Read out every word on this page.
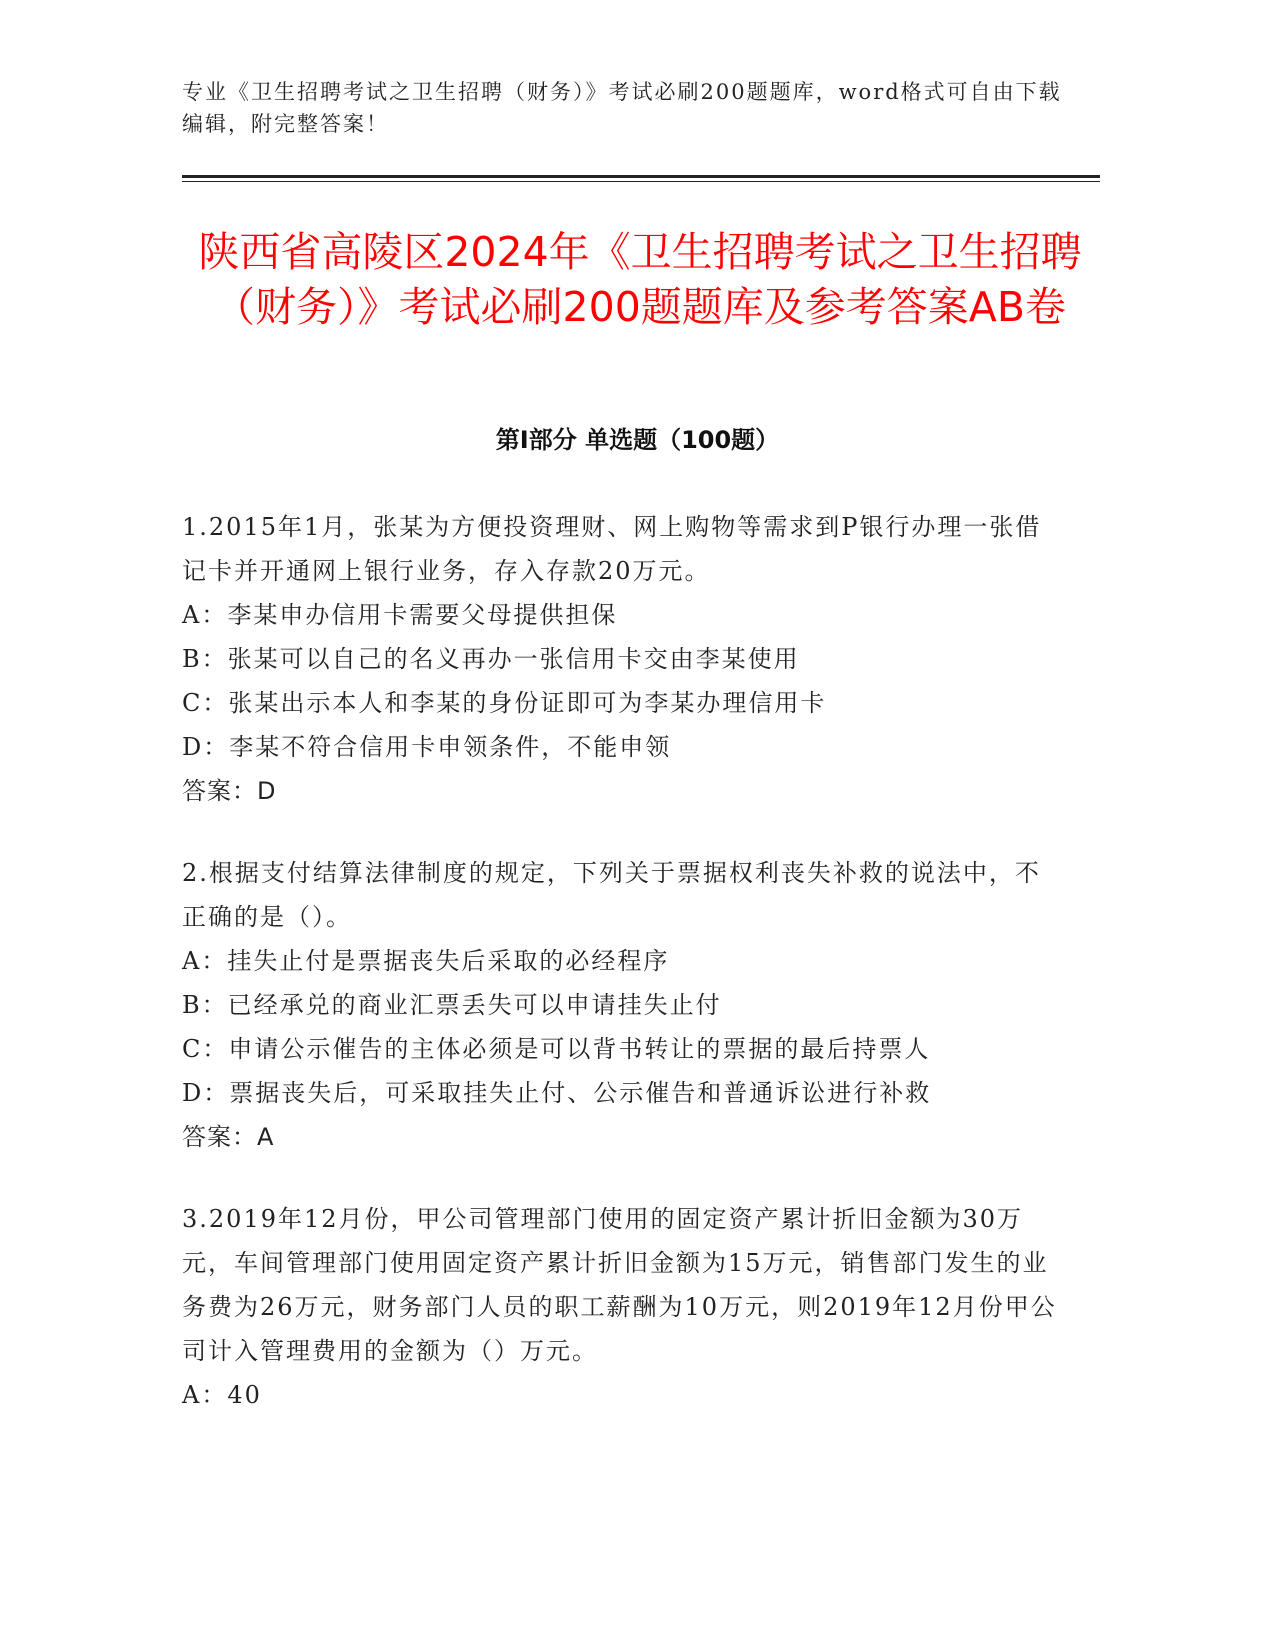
专业《卫生招聘考试之卫生招聘（财务）》考试必刷200题题库，word格式可自由下载编辑，附完整答案！
陕西省高陵区2024年《卫生招聘考试之卫生招聘（财务）》考试必刷200题题库及参考答案AB卷
第I部分 单选题（100题）

1.2015年1月，张某为方便投资理财、网上购物等需求到P银行办理一张借记卡并开通网上银行业务，存入存款20万元。

A：李某申办信用卡需要父母提供担保

B：张某可以自己的名义再办一张信用卡交由李某使用

C：张某出示本人和李某的身份证即可为李某办理信用卡

D：李某不符合信用卡申领条件，不能申领

答案：D

2.根据支付结算法律制度的规定，下列关于票据权利丧失补救的说法中，不正确的是（）。

A：挂失止付是票据丧失后采取的必经程序

B：已经承兑的商业汇票丢失可以申请挂失止付

C：申请公示催告的主体必须是可以背书转让的票据的最后持票人

D：票据丧失后，可采取挂失止付、公示催告和普通诉讼进行补救

答案：A

3.2019年12月份，甲公司管理部门使用的固定资产累计折旧金额为30万元，车间管理部门使用固定资产累计折旧金额为15万元，销售部门发生的业务费为26万元，财务部门人员的职工薪酬为10万元，则2019年12月份甲公司计入管理费用的金额为（）万元。

A：40
